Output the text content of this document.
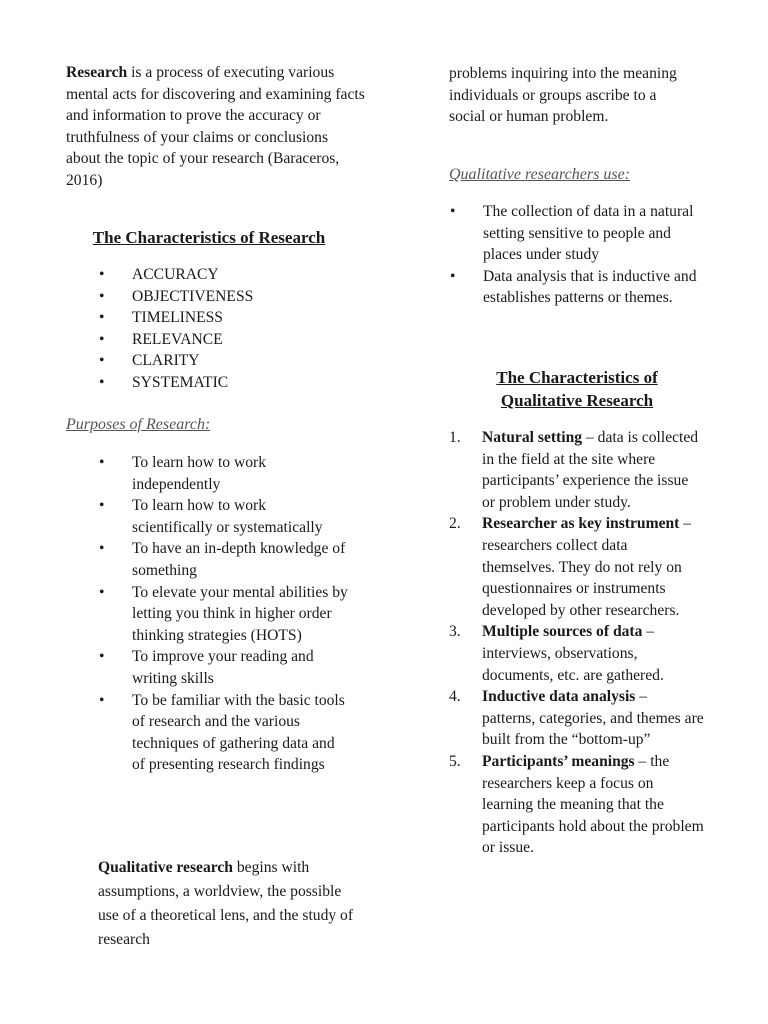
Research is a process of executing various mental acts for discovering and examining facts and information to prove the accuracy or truthfulness of your claims or conclusions about the topic of your research (Baraceros, 2016)

The Characteristics of Research
• ACCURACY
• OBJECTIVENESS
• TIMELINESS
• RELEVANCE
• CLARITY
• SYSTEMATIC
Purposes of Research:
• To learn how to work independently
• To learn how to work scientifically or systematically
• To have an in-depth knowledge of something
• To elevate your mental abilities by letting you think in higher order thinking strategies (HOTS)
• To improve your reading and writing skills
• To be familiar with the basic tools of research and the various techniques of gathering data and of presenting research findings

Qualitative research begins with assumptions, a worldview, the possible use of a theoretical lens, and the study of research

problems inquiring into the meaning individuals or groups ascribe to a social or human problem.

Qualitative researchers use:
• The collection of data in a natural setting sensitive to people and places under study
• Data analysis that is inductive and establishes patterns or themes.
The Characteristics of
Qualitative Research
1. Natural setting – data is collected in the field at the site where participants’ experience the issue or problem under study.
2. Researcher as key instrument – researchers collect data themselves. They do not rely on questionnaires or instruments developed by other researchers.
3. Multiple sources of data – interviews, observations, documents, etc. are gathered.
4. Inductive data analysis – patterns, categories, and themes are built from the “bottom-up”
5. Participants’ meanings – the researchers keep a focus on learning the meaning that the participants hold about the problem or issue.
